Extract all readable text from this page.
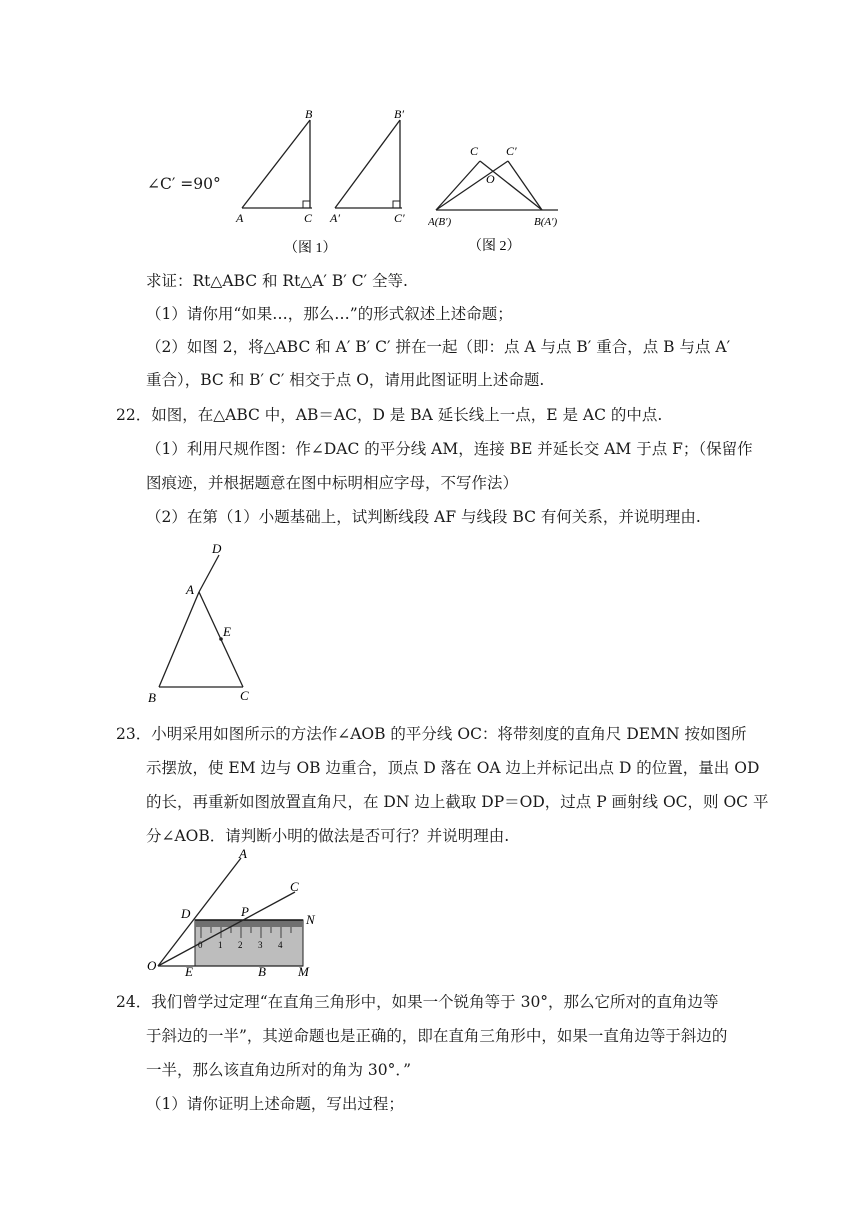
∠C′ =90°
B
A	C
B′
A′	C′
（图 1）
C C′
O
A(B′)	B(A′)
（图 2）
求证：Rt△ABC 和 Rt△A′ B′ C′ 全等.
（1）请你用“如果…，那么…”的形式叙述上述命题；
（2）如图 2，将△ABC 和 A′ B′ C′ 拼在一起（即：点 A 与点 B′ 重合，点 B 与点 A′
重合），BC 和 B′ C′ 相交于点 O，请用此图证明上述命题.
22．如图，在△ABC 中，AB＝AC，D 是 BA 延长线上一点，E 是 AC 的中点.
（1）利用尺规作图：作∠DAC 的平分线 AM，连接 BE 并延长交 AM 于点 F；（保留作
图痕迹，并根据题意在图中标明相应字母，不写作法）
（2）在第（1）小题基础上，试判断线段 AF 与线段 BC 有何关系，并说明理由.
D
A
E
B	C
23．小明采用如图所示的方法作∠AOB 的平分线 OC：将带刻度的直角尺 DEMN 按如图所
示摆放，使 EM 边与 OB 边重合，顶点 D 落在 OA 边上并标记出点 D 的位置，量出 OD
的长，再重新如图放置直角尺，在 DN 边上截取 DP＝OD，过点 P 画射线 OC，则 OC 平
分∠AOB．请判断小明的做法是否可行？并说明理由.
0 1 2 3 4
A
C
D	P
N
O E	B M
24．我们曾学过定理“在直角三角形中，如果一个锐角等于 30°，那么它所对的直角边等
于斜边的一半”，其逆命题也是正确的，即在直角三角形中，如果一直角边等于斜边的
一半，那么该直角边所对的角为 30°．”
（1）请你证明上述命题，写出过程；
